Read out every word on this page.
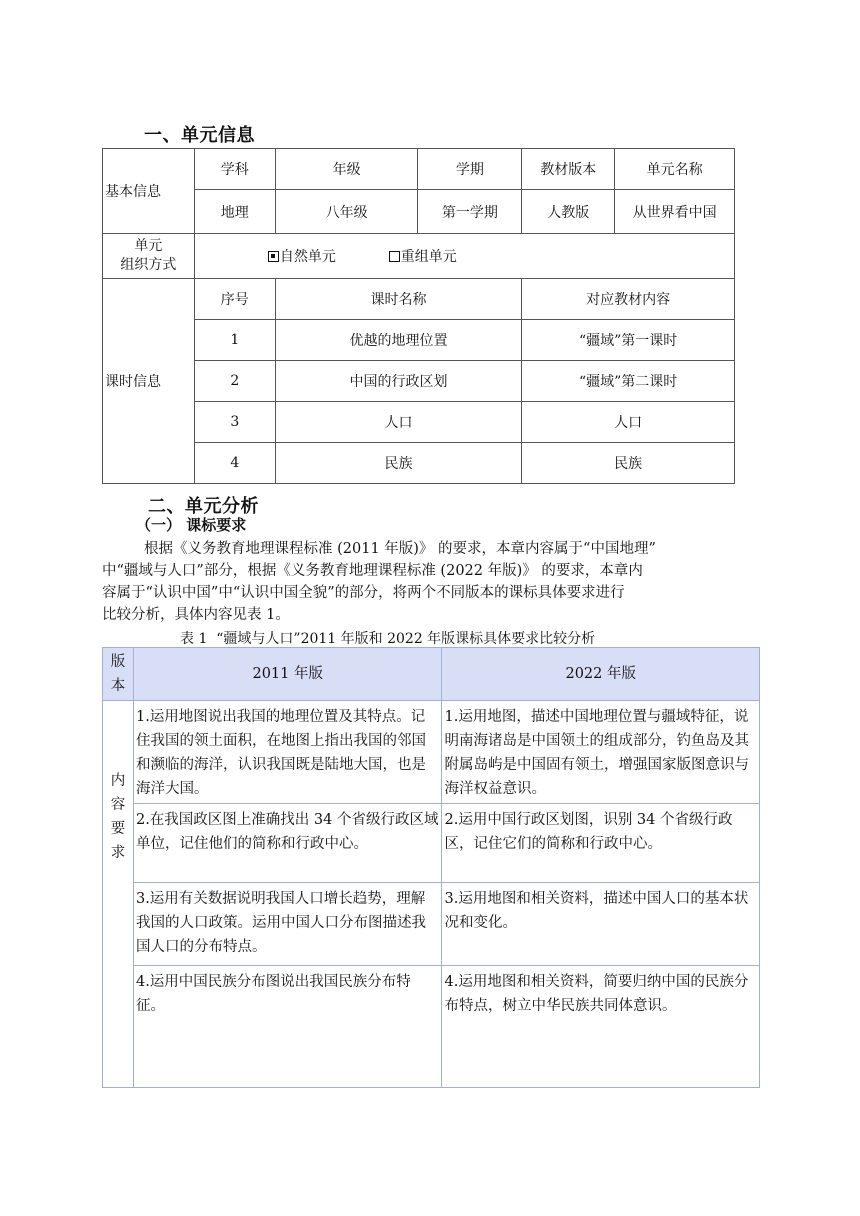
一、单元信息
基本信息	学科	年级	学期	教材版本	单元名称
	地理	八年级	第一学期	人教版	从世界看中国
单元
组织方式	自然单元 重组单元				
课时信息	序号	课时名称		对应教材内容	
	1	优越的地理位置		“疆域”第一课时	
	2	中国的行政区划		“疆域”第二课时	
	3	人口		人口	
	4	民族		民族	
二、单元分析
（一） 课标要求
根据《义务教育地理课程标准 (2011 年版)》 的要求，本章内容属于“中国地理”
中“疆域与人口”部分，根据《义务教育地理课程标准 (2022 年版)》 的要求，本章内
容属于“认识中国”中“认识中国全貌”的部分，将两个不同版本的课标具体要求进行
比较分析，具体内容见表 1。
表 1  “疆域与人口”2011 年版和 2022 年版课标具体要求比较分析
版本	2011 年版	2022 年版
内容要求	1.运用地图说出我国的地理位置及其特点。记住我国的领土面积，在地图上指出我国的邻国和濒临的海洋，认识我国既是陆地大国，也是海洋大国。	1.运用地图，描述中国地理位置与疆域特征，说明南海诸岛是中国领土的组成部分，钓鱼岛及其附属岛屿是中国固有领土，增强国家版图意识与海洋权益意识。
	2.在我国政区图上准确找出 34 个省级行政区域单位，记住他们的简称和行政中心。	2.运用中国行政区划图，识别 34 个省级行政区，记住它们的简称和行政中心。
	3.运用有关数据说明我国人口增长趋势，理解我国的人口政策。运用中国人口分布图描述我国人口的分布特点。	3.运用地图和相关资料，描述中国人口的基本状况和变化。
	4.运用中国民族分布图说出我国民族分布特征。	4.运用地图和相关资料，简要归纳中国的民族分布特点，树立中华民族共同体意识。
